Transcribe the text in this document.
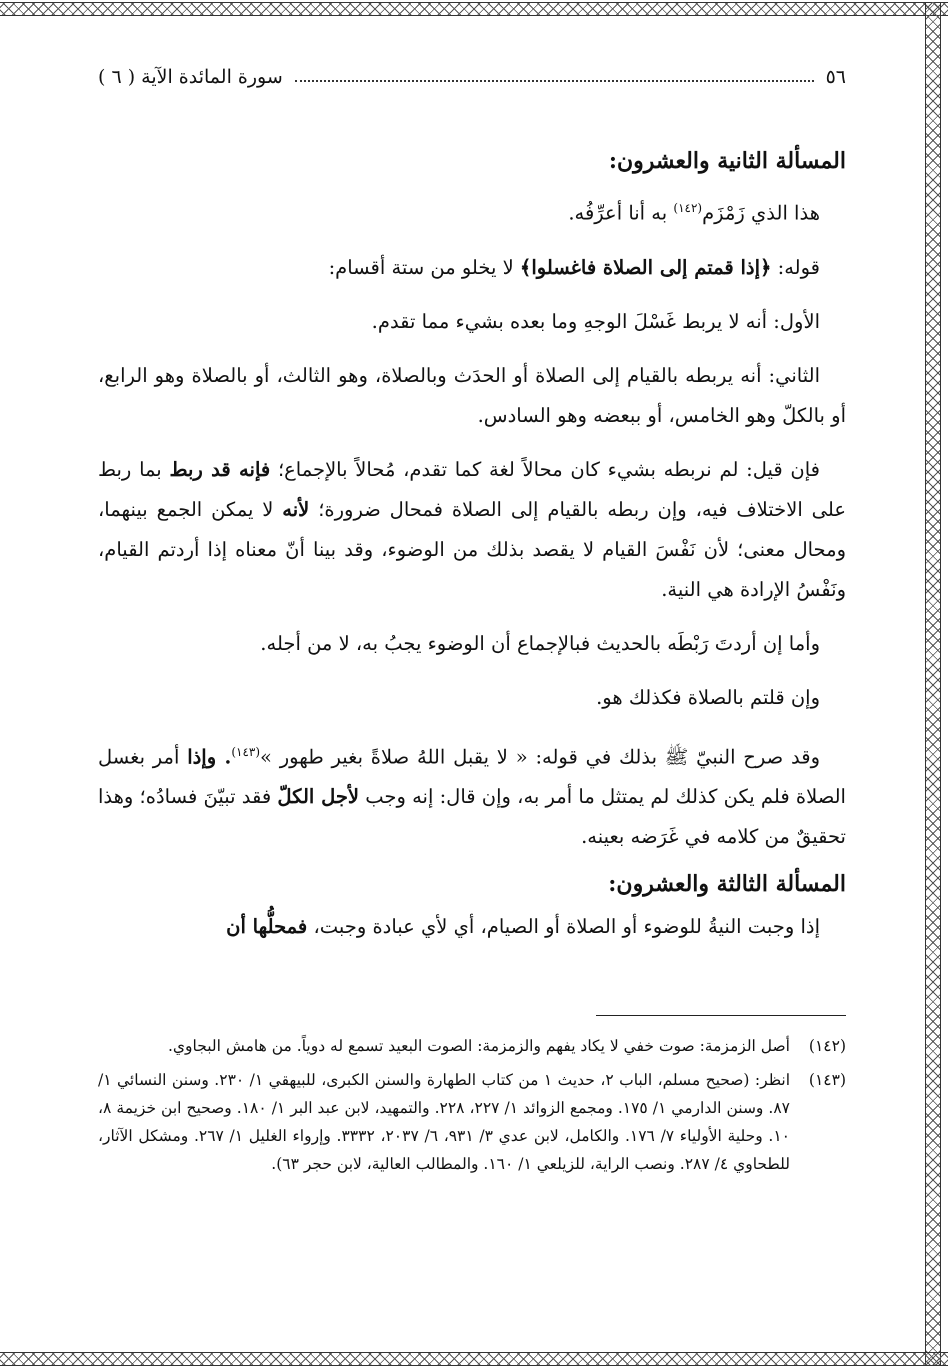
٥٦
سورة المائدة الآية ( ٦ )
المسألة الثانية والعشرون:

هذا الذي زَمْزَم$^{(١٤٢)}$ به أنا أعرِّفُه.

قوله: ﴿إذا قمتم إلى الصلاة فاغسلوا﴾ لا يخلو من ستة أقسام:

الأول: أنه لا يربط غَسْلَ الوجهِ وما بعده بشيء مما تقدم.

الثاني: أنه يربطه بالقيام إلى الصلاة أو الحدَث وبالصلاة، وهو الثالث، أو بالصلاة وهو الرابع، أو بالكلّ وهو الخامس، أو ببعضه وهو السادس.

فإن قيل: لم نربطه بشيء كان محالاً لغة كما تقدم، مُحالاً بالإجماع؛ فإنه قد ربط بما ربط على الاختلاف فيه، وإن ربطه بالقيام إلى الصلاة فمحال ضرورة؛ لأنه لا يمكن الجمع بينهما، ومحال معنى؛ لأن نَفْسَ القيام لا يقصد بذلك من الوضوء، وقد بينا أنّ معناه إذا أردتم القيام، ونَفْسُ الإرادة هي النية.

وأما إن أردتَ رَبْطَه بالحديث فبالإجماع أن الوضوء يجبُ به، لا من أجله.

وإن قلتم بالصلاة فكذلك هو.

وقد صرح النبيّ ﷺ بذلك في قوله: « لا يقبل اللهُ صلاةً بغير طهور »$^{(١٤٣)}$. وإذا أمر بغسل الصلاة فلم يكن كذلك لم يمتثل ما أمر به، وإن قال: إنه وجب لأجل الكلّ فقد تبيّنَ فسادُه؛ وهذا تحقيقٌ من كلامه في غَرَضه بعينه.

المسألة الثالثة والعشرون:

إذا وجبت النيةُ للوضوء أو الصلاة أو الصيام، أي لأي عبادة وجبت، فمحلُّها أن

(١٤٢)
أصل الزمزمة: صوت خفي لا يكاد يفهم والزمزمة: الصوت البعيد تسمع له دوياً. من هامش البجاوي.
(١٤٣)
انظر: (صحيح مسلم، الباب ٢، حديث ١ من كتاب الطهارة والسنن الكبرى، للبيهقي ١/ ٢٣٠. وسنن النسائي ١/ ٨٧. وسنن الدارمي ١/ ١٧٥. ومجمع الزوائد ١/ ٢٢٧، ٢٢٨. والتمهيد، لابن عبد البر ١/ ١٨٠. وصحيح ابن خزيمة ٨، ١٠. وحلية الأولياء ٧/ ١٧٦. والكامل، لابن عدي ٣/ ٩٣١، ٦/ ٢٠٣٧، ٣٣٣٢. وإرواء الغليل ١/ ٢٦٧. ومشكل الآثار، للطحاوي ٤/ ٢٨٧. ونصب الراية، للزيلعي ١/ ١٦٠. والمطالب العالية، لابن حجر ٦٣).
